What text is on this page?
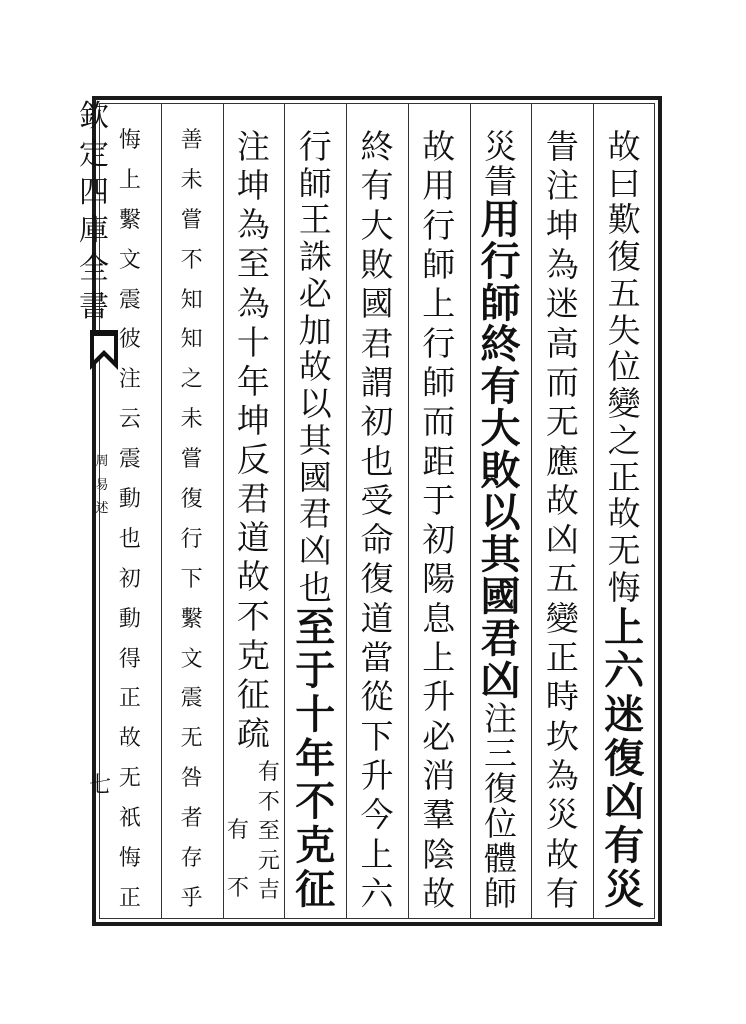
欽
定
四
庫
全
書
周
易
述
七
故
曰
歎
復
五
失
位
變
之
正
故
无
悔
上
六
迷
復
凶
有
災
眚
注
坤
為
迷
高
而
无
應
故
凶
五
變
正
時
坎
為
災
故
有
災
眚
用
行
師
終
有
大
敗
以
其
國
君
凶
注
三
復
位
體
師
故
用
行
師
上
行
師
而
距
于
初
陽
息
上
升
必
消
羣
陰
故
終
有
大
敗
國
君
謂
初
也
受
命
復
道
當
從
下
升
今
上
六
行
師
王
誅
必
加
故
以
其
國
君
凶
也
至
于
十
年
不
克
征
注
坤
為
至
為
十
年
坤
反
君
道
故
不
克
征
疏
有
不
至
元
吉
有
不
善
未
嘗
不
知
知
之
未
嘗
復
行
下
繫
文
震
无
咎
者
存
乎
悔
上
繫
文
震
彼
注
云
震
動
也
初
動
得
正
故
无
祇
悔
正
